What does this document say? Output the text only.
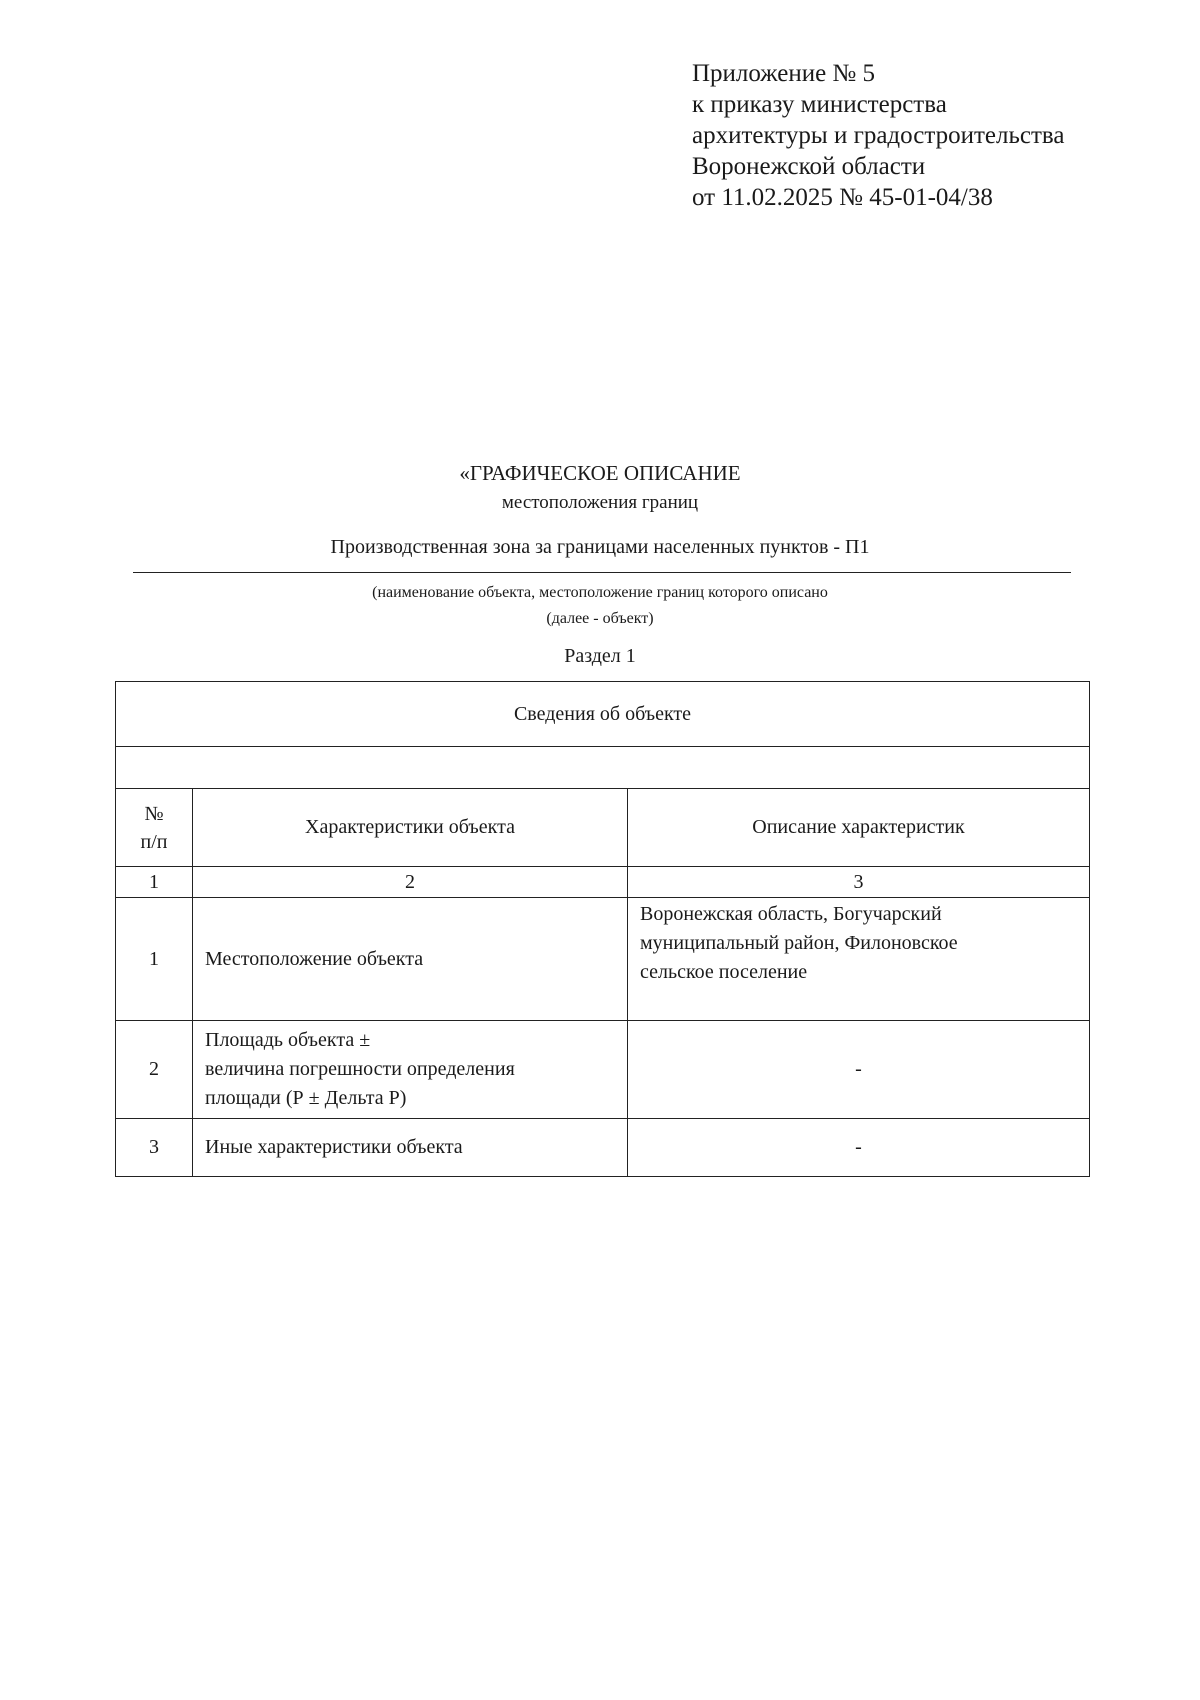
Приложение № 5
к приказу министерства
архитектуры и градостроительства
Воронежской области
от 11.02.2025 № 45-01-04/38
«ГРАФИЧЕСКОЕ ОПИСАНИЕ
местоположения границ
Производственная зона за границами населенных пунктов - П1
(наименование объекта, местоположение границ которого описано
(далее - объект)
Раздел 1
Сведения об объекте		

№
п/п	Характеристики объекта	Описание характеристик
1	2	3
1	Местоположение объекта	Воронежская область, Богучарский
муниципальный район, Филоновское
сельское поселение
2	Площадь объекта ±
величина погрешности определения
площади (Р ± Дельта Р)	-
3	Иные характеристики объекта	-
